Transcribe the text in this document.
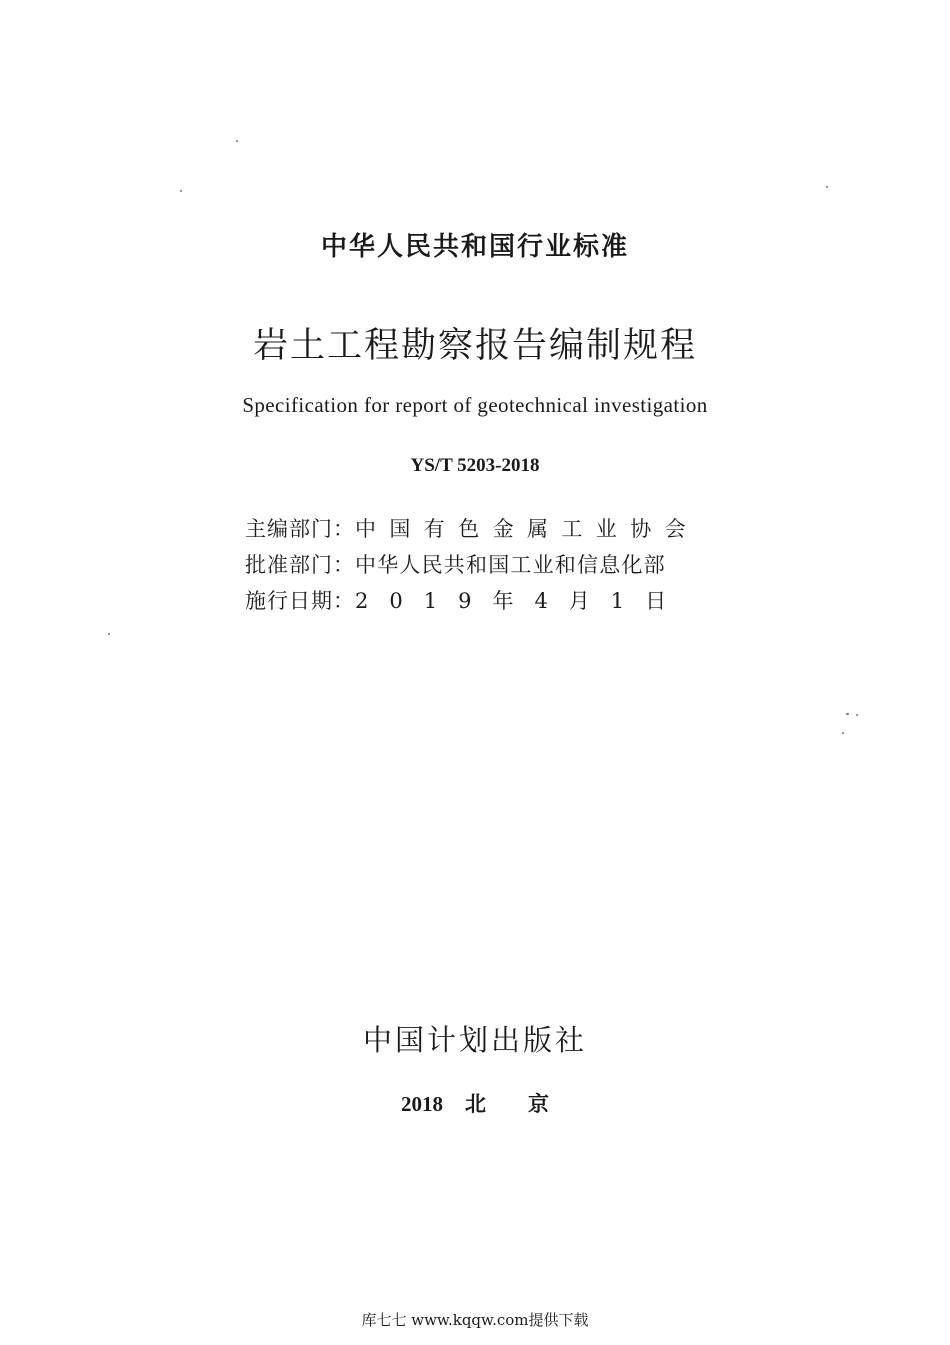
中华人民共和国行业标准
岩土工程勘察报告编制规程
Specification for report of geotechnical investigation
YS/T 5203-2018
主编部门：中国有色金属工业协会
批准部门：中华人民共和国工业和信息化部
施行日期：2019年4月1日
中国计划出版社
2018 北 京
库七七 www.kqqw.com提供下载
